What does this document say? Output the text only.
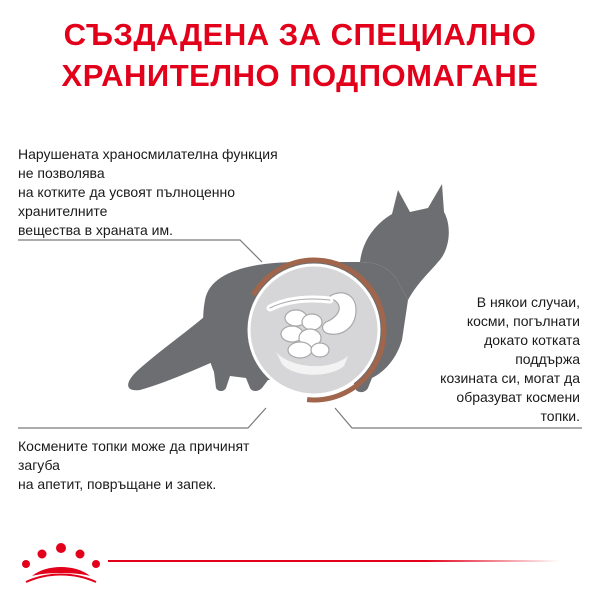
СЪЗДАДЕНА ЗА СПЕЦИАЛНО
ХРАНИТЕЛНО ПОДПОМАГАНЕ
Нарушената храносмилателна функция
не позволява
на котките да усвоят пълноценно
хранителните
вещества в храната им.
В някои случаи,
косми, погълнати
докато котката
поддържа
козината си, могат да
образуват космени
топки.
Космените топки може да причинят
загуба
на апетит, повръщане и запек.
